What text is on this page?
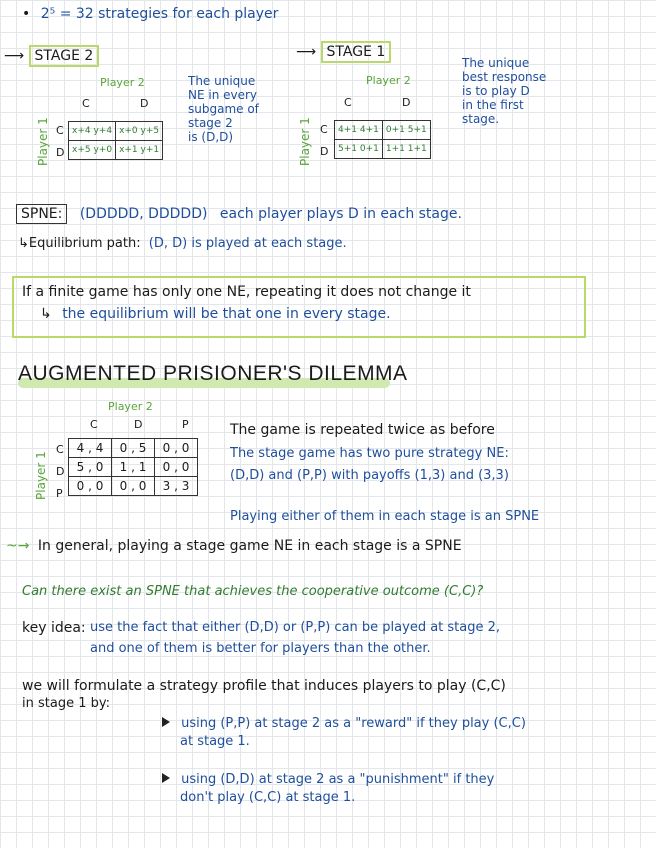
• 2⁵ = 32 strategies for each player
⟶ STAGE 2
Player 2
Player 1
C	D
C
D
x+4 y+4	x+0 y+5
x+5 y+0	x+1 y+1
The unique
NE in every
subgame of
stage 2
is (D,D)
⟶ STAGE 1
Player 2
Player 1
C	D
C
D
4+1 4+1	0+1 5+1
5+1 0+1	1+1 1+1
The unique
best response
is to play D
in the first
stage.
SPNE: (DDDDD, DDDDD) each player plays D in each stage.
↳Equilibrium path: (D, D) is played at each stage.
If a finite game has only one NE, repeating it does not change it
↳ the equilibrium will be that one in every stage.
AUGMENTED PRISIONER'S DILEMMA
Player 2
Player 1
C	D	P
C
D
P
4 , 4	0 , 5	0 , 0
5 , 0	1 , 1	0 , 0
0 , 0	0 , 0	3 , 3
The game is repeated twice as before
The stage game has two pure strategy NE:
(D,D) and (P,P) with payoffs (1,3) and (3,3)
Playing either of them in each stage is an SPNE
~→ In general, playing a stage game NE in each stage is a SPNE
Can there exist an SPNE that achieves the cooperative outcome (C,C)?
key idea: use the fact that either (D,D) or (P,P) can be played at stage 2,
and one of them is better for players than the other.
we will formulate a strategy profile that induces players to play (C,C)
in stage 1 by:
using (P,P) at stage 2 as a "reward" if they play (C,C)
at stage 1.
using (D,D) at stage 2 as a "punishment" if they
don't play (C,C) at stage 1.
